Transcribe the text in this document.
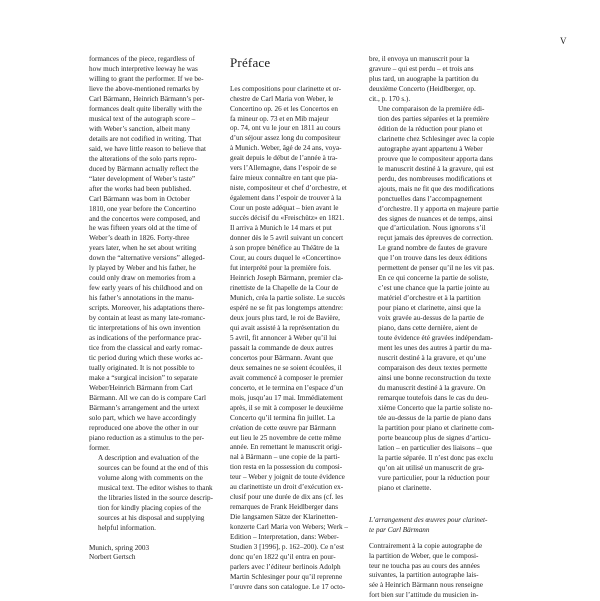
V

formances of the piece, regardless of
how much interpretive leeway he was
willing to grant the performer. If we be-
lieve the above-mentioned remarks by
Carl Bärmann, Heinrich Bärmann’s per-
formances dealt quite liberally with the
musical text of the autograph score –
with Weber’s sanction, albeit many
details are not codified in writing. That
said, we have little reason to believe that
the alterations of the solo parts repro-
duced by Bärmann actually reflect the
“later development of Weber’s taste”
after the works had been published.
Carl Bärmann was born in October
1810, one year before the Concertino
and the concertos were composed, and
he was fifteen years old at the time of
Weber’s death in 1826. Forty-three
years later, when he set about writing
down the “alternative versions” alleged-
ly played by Weber and his father, he
could only draw on memories from a
few early years of his childhood and on
his father’s annotations in the manu-
scripts. Moreover, his adaptations there-
by contain at least as many late-romanc-
tic interpretations of his own invention
as indications of the performance prac-
tice from the classical and early romac-
tic period during which these works ac-
tually originated. It is not possible to
make a “surgical incision” to separate
Weber/Heinrich Bärmann from Carl
Bärmann. All we can do is compare Carl
Bärmann’s arrangement and the urtext
solo part, which we have accordingly
reproduced one above the other in our
piano reduction as a stimulus to the per-
former.

A description and evaluation of the
sources can be found at the end of this
volume along with comments on the
musical text. The editor wishes to thank
the libraries listed in the source descrip-
tion for kindly placing copies of the
sources at his disposal and supplying
helpful information.

Munich, spring 2003

Norbert Gertsch

Préface

Les compositions pour clarinette et or-
chestre de Carl Maria von Weber, le
Concertino op. 26 et les Concertos en
fa mineur op. 73 et en Mib majeur
op. 74, ont vu le jour en 1811 au cours
d’un séjour assez long du compositeur
à Munich. Weber, âgé de 24 ans, voya-
geait depuis le début de l’année à tra-
vers l’Allemagne, dans l’espoir de se
faire mieux connaître en tant que pia-
niste, compositeur et chef d’orchestre, et
également dans l’espoir de trouver à la
Cour un poste adéquat – bien avant le
succès décisif du «Freischütz» en 1821.
Il arriva à Munich le 14 mars et put
donner dès le 5 avril suivant un concert
à son propre bénéfice au Théâtre de la
Cour, au cours duquel le «Concertino»
fut interprété pour la première fois.
Heinrich Joseph Bärmann, premier cla-
rinettiste de la Chapelle de la Cour de
Munich, créa la partie soliste. Le succès
espéré ne se fit pas longtemps attendre:
deux jours plus tard, le roi de Bavière,
qui avait assisté à la représentation du
5 avril, fit annoncer à Weber qu’il lui
passait la commande de deux autres
concertos pour Bärmann. Avant que
deux semaines ne se soient écoulées, il
avait commencé à composer le premier
concerto, et le termina en l’espace d’un
mois, jusqu’au 17 mai. Immédiatement
après, il se mit à composer le deuxième
Concerto qu’il termina fin juillet. La
création de cette œuvre par Bärmann
eut lieu le 25 novembre de cette même
année. En remettant le manuscrit origi-
nal à Bärmann – une copie de la parti-
tion resta en la possession du composi-
teur – Weber y joignit de toute évidence
au clarinettiste un droit d’exécution ex-
clusif pour une durée de dix ans (cf. les
remarques de Frank Heidlberger dans
Die langsamen Sätze der Klarinetten-
konzerte Carl Maria von Webers; Werk –
Edition – Interpretation, dans: Weber-
Studien 3 [1996], p. 162–200). Ce n’est
donc qu’en 1822 qu’il entra en pour-
parlers avec l’éditeur berlinois Adolph
Martin Schlesinger pour qu’il reprenne
l’œuvre dans son catalogue. Le 17 octo-

bre, il envoya un manuscrit pour la
gravure – qui est perdu – et trois ans
plus tard, un auographe la partition du
deuxième Concerto (Heidlberger, op.
cit., p. 170 s.).

Une comparaison de la première édi-
tion des parties séparées et la première
édition de la réduction pour piano et
clarinette chez Schlesinger avec la copie
autographe ayant appartenu à Weber
prouve que le compositeur apporta dans
le manuscrit destiné à la gravure, qui est
perdu, des nombreuses modifications et
ajouts, mais ne fit que des modifications
ponctuelles dans l’accompagnement
d’orchestre. Il y apporta en majeure partie
des signes de nuances et de temps, ainsi
que d’articulation. Nous ignorons s’il
reçut jamais des épreuves de correction.
Le grand nombre de fautes de gravure
que l’on trouve dans les deux éditions
permettent de penser qu’il ne les vit pas.
En ce qui concerne la partie de soliste,
c’est une chance que la partie jointe au
matériel d’orchestre et à la partition
pour piano et clarinette, ainsi que la
voix gravée au-dessus de la partie de
piano, dans cette dernière, aient de
toute évidence été gravées indépendam-
ment les unes des autres à partir du ma-
nuscrit destiné à la gravure, et qu’une
comparaison des deux textes permette
ainsi une bonne reconstruction du texte
du manuscrit destiné à la gravure. On
remarque toutefois dans le cas du deu-
xième Concerto que la partie soliste no-
tée au-dessus de la partie de piano dans
la partition pour piano et clarinette com-
porte beaucoup plus de signes d’articu-
lation – en particulier des liaisons – que
la partie séparée. Il n’est donc pas exclu
qu’on ait utilisé un manuscrit de gra-
vure particulier, pour la réduction pour
piano et clarinette.

L’arrangement des œuvres pour clarinet-
te par Carl Bärmann

Contrairement à la copie autographe de
la partition de Weber, que le composi-
teur ne toucha pas au cours des années
suivantes, la partition autographe lais-
sée à Heinrich Bärmann nous renseigne
fort bien sur l’attitude du musicien in-
